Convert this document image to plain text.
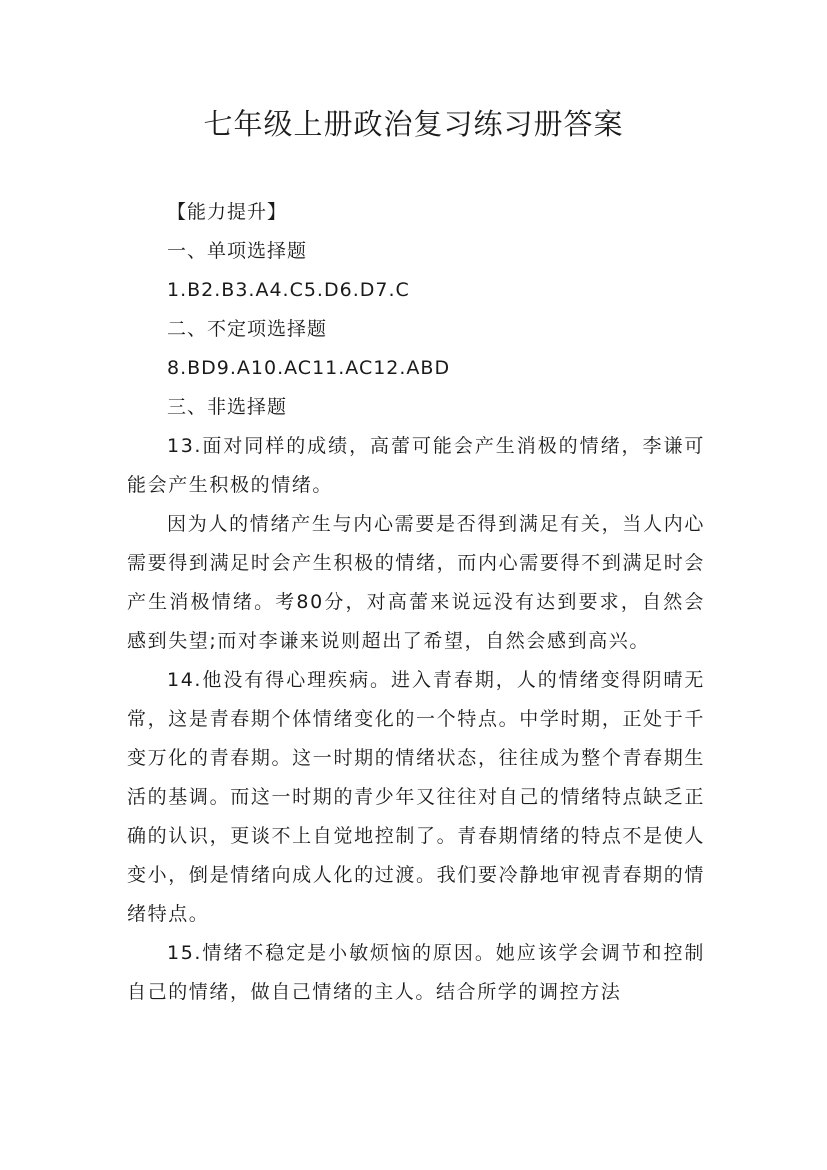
七年级上册政治复习练习册答案

【能力提升】

一、单项选择题

1.B2.B3.A4.C5.D6.D7.C

二、不定项选择题

8.BD9.A10.AC11.AC12.ABD

三、非选择题

13.面对同样的成绩，高蕾可能会产生消极的情绪，李谦可能会产生积极的情绪。

因为人的情绪产生与内心需要是否得到满足有关，当人内心需要得到满足时会产生积极的情绪，而内心需要得不到满足时会产生消极情绪。考80分，对高蕾来说远没有达到要求，自然会感到失望;而对李谦来说则超出了希望，自然会感到高兴。

14.他没有得心理疾病。进入青春期，人的情绪变得阴晴无常，这是青春期个体情绪变化的一个特点。中学时期，正处于千变万化的青春期。这一时期的情绪状态，往往成为整个青春期生活的基调。而这一时期的青少年又往往对自己的情绪特点缺乏正确的认识，更谈不上自觉地控制了。青春期情绪的特点不是使人变小，倒是情绪向成人化的过渡。我们要冷静地审视青春期的情绪特点。

15.情绪不稳定是小敏烦恼的原因。她应该学会调节和控制自己的情绪，做自己情绪的主人。结合所学的调控方法
